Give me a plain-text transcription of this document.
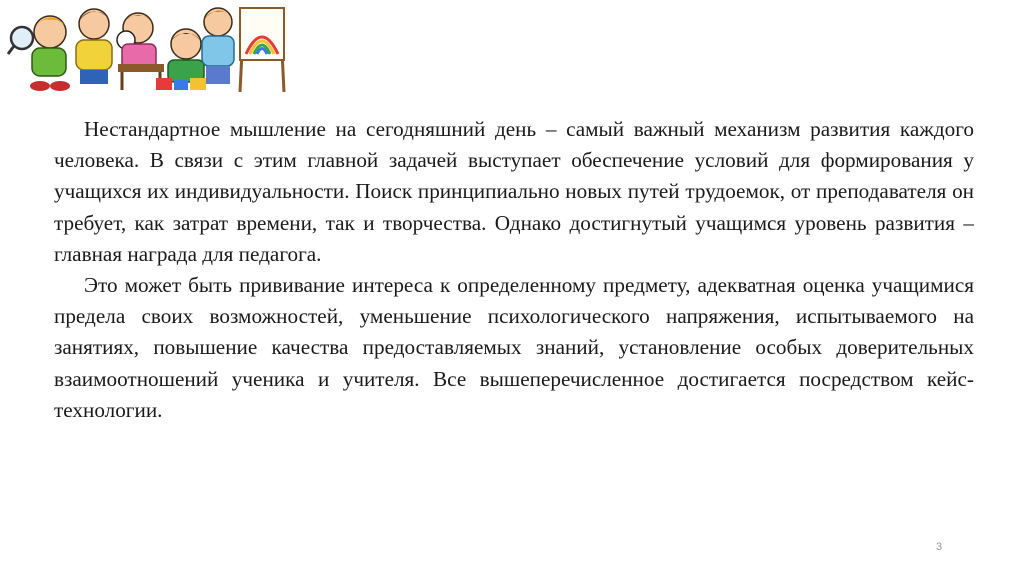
Нестандартное мышление на сегодняшний день – самый важный механизм развития каждого человека. В связи с этим главной задачей выступает обеспечение условий для формирования у учащихся их индивидуальности. Поиск принципиально новых путей трудоемок, от преподавателя он требует, как затрат времени, так и творчества. Однако достигнутый учащимся уровень развития – главная награда для педагога.

Это может быть прививание интереса к определенному предмету, адекватная оценка учащимися предела своих возможностей, уменьшение психологического напряжения, испытываемого на занятиях, повышение качества предоставляемых знаний, установление особых доверительных взаимоотношений ученика и учителя. Все вышеперечисленное достигается посредством кейс-технологии.

3
